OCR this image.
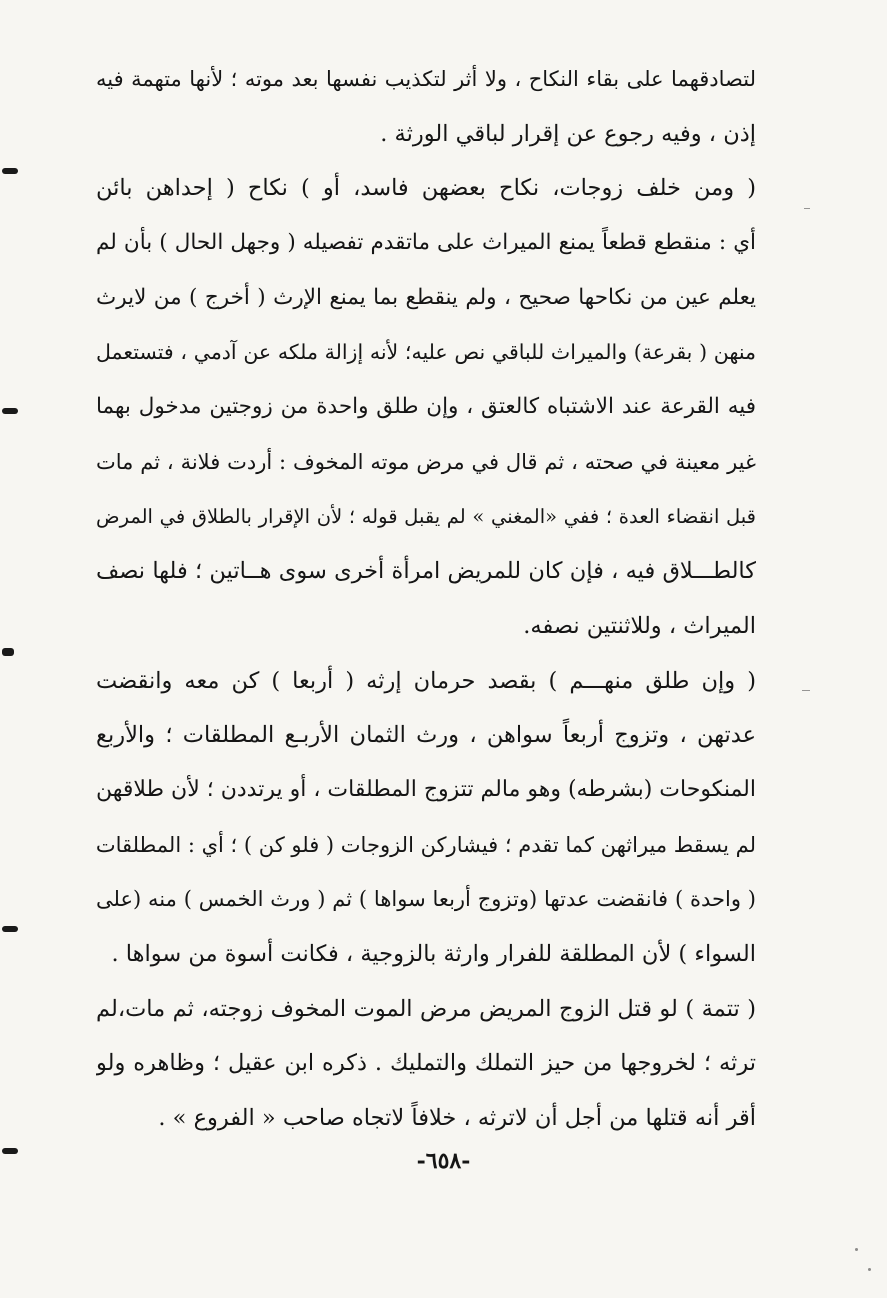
لتصادقهما على بقاء النكاح ، ولا أثر لتكذيب نفسها بعد موته ؛ لأنها متهمة فيه
إذن ، وفيه رجوع عن إقرار لباقي الورثة .
( ومن خلف زوجات، نكاح بعضهن فاسد، أو ) نكاح ( إحداهن بائن
أي : منقطع قطعاً يمنع الميراث على ماتقدم تفصيله ( وجهل الحال ) بأن لم
يعلم عين من نكاحها صحيح ، ولم ينقطع بما يمنع الإرث ( أخرج ) من لايرث
منهن ( بقرعة) والميراث للباقي نص عليه؛ لأنه إزالة ملكه عن آدمي ، فتستعمل
فيه القرعة عند الاشتباه كالعتق ، وإن طلق واحدة من زوجتين مدخول بهما
غير معينة في صحته ، ثم قال في مرض موته المخوف : أردت فلانة ، ثم مات
قبل انقضاء العدة ؛ ففي «المغني » لم يقبل قوله ؛ لأن الإقرار بالطلاق في المرض
كالطـــلاق فيه ، فإن كان للمريض امرأة أخرى سوى هــاتين ؛ فلها نصف
الميراث ، وللاثنتين نصفه.
( وإن طلق منهـــم ) بقصد حرمان إرثه ( أربعا ) كن معه وانقضت
عدتهن ، وتزوج أربعاً سواهن ، ورث الثمان الأربـع المطلقات ؛ والأربع
المنكوحات (بشرطه) وهو مالم تتزوج المطلقات ، أو يرتددن ؛ لأن طلاقهن
لم يسقط ميراثهن كما تقدم ؛ فيشاركن الزوجات ( فلو كن ) ؛ أي : المطلقات
( واحدة ) فانقضت عدتها (وتزوج أربعا سواها ) ثم ( ورث الخمس ) منه (على
السواء ) لأن المطلقة للفرار وارثة بالزوجية ، فكانت أسوة من سواها .
( تتمة ) لو قتل الزوج المريض مرض الموت المخوف زوجته، ثم مات،لم
ترثه ؛ لخروجها من حيز التملك والتمليك . ذكره ابن عقيل ؛ وظاهره ولو
أقر أنه قتلها من أجل أن لاترثه ، خلافاً لاتجاه صاحب « الفروع » .
-٦٥٨-
